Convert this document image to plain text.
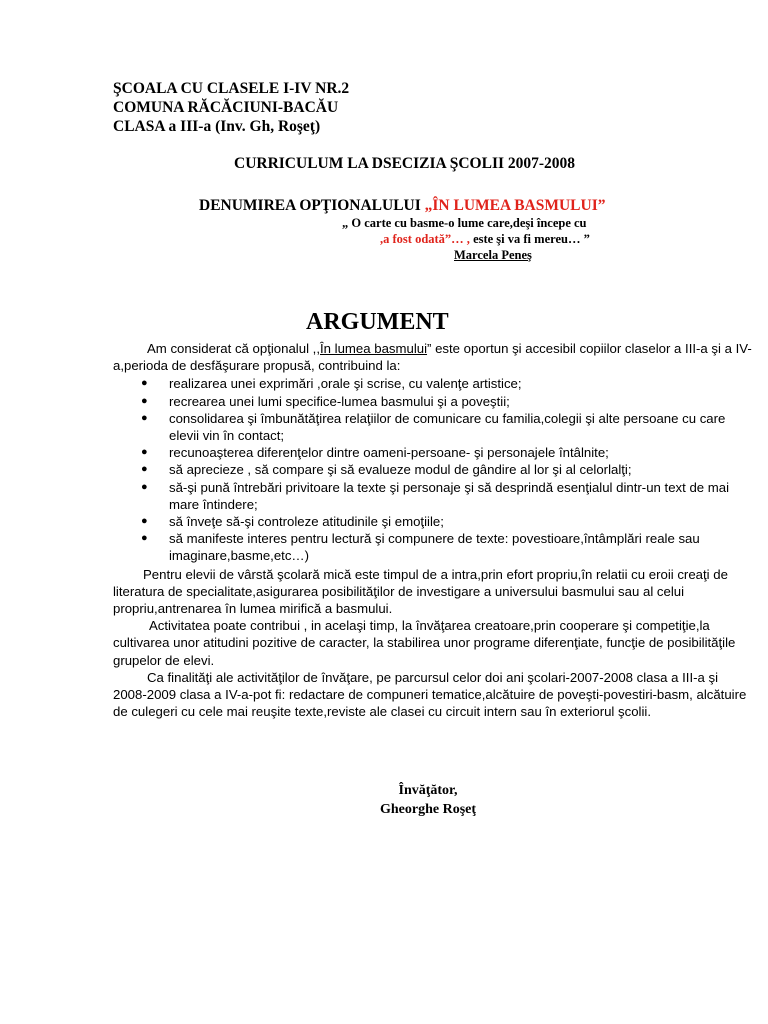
ŞCOALA CU CLASELE I-IV NR.2
COMUNA RĂCĂCIUNI-BACĂU
CLASA a III-a (Inv. Gh, Roşeţ)
CURRICULUM LA DSECIZIA ŞCOLII 2007-2008
DENUMIREA OPŢIONALULUI „ÎN LUMEA BASMULUI”
„ O carte cu basme-o lume care,deşi începe cu
,a fost odată”… , este şi va fi mereu… ”
Marcela Peneş
ARGUMENT

Am considerat că opţionalul ,,În lumea basmului” este oportun şi accesibil copiilor claselor a III-a şi a IV-a,perioda de desfăşurare propusă, contribuind la:

● realizarea unei exprimări ,orale şi scrise, cu valenţe artistice;
● recrearea unei lumi specifice-lumea basmului şi a poveştii;
● consolidarea şi îmbunătăţirea relaţiilor de comunicare cu familia,colegii şi alte persoane cu care elevii vin în contact;
● recunoaşterea diferenţelor dintre oameni-persoane- şi personajele întâlnite;
● să aprecieze , să compare şi să evalueze modul de gândire al lor şi al celorlalţi;
● să-şi pună întrebări privitoare la texte şi personaje şi să desprindă esenţialul dintr-un text de mai mare întindere;
● să înveţe să-şi controleze atitudinile şi emoţiile;
● să manifeste interes pentru lectură şi compunere de texte: povestioare,întâmplări reale sau imaginare,basme,etc…)

Pentru elevii de vârstă şcolară mică este timpul de a intra,prin efort propriu,în relatii cu eroii creaţi de literatura de specialitate,asigurarea posibilităţilor de investigare a universului basmului sau al celui propriu,antrenarea în lumea mirifică a basmului.

Activitatea poate contribui , in acelaşi timp, la învăţarea creatoare,prin cooperare şi competiţie,la cultivarea unor atitudini pozitive de caracter, la stabilirea unor programe diferenţiate, funcţie de posibilităţile grupelor de elevi.

Ca finalităţi ale activităţilor de învăţare, pe parcursul celor doi ani şcolari-2007-2008 clasa a III-a şi 2008-2009 clasa a IV-a-pot fi: redactare de compuneri tematice,alcătuire de poveşti-povestiri-basm, alcătuire de culegeri cu cele mai reuşite texte,reviste ale clasei cu circuit intern sau în exteriorul şcolii.

Învăţător,
Gheorghe Roşeţ
